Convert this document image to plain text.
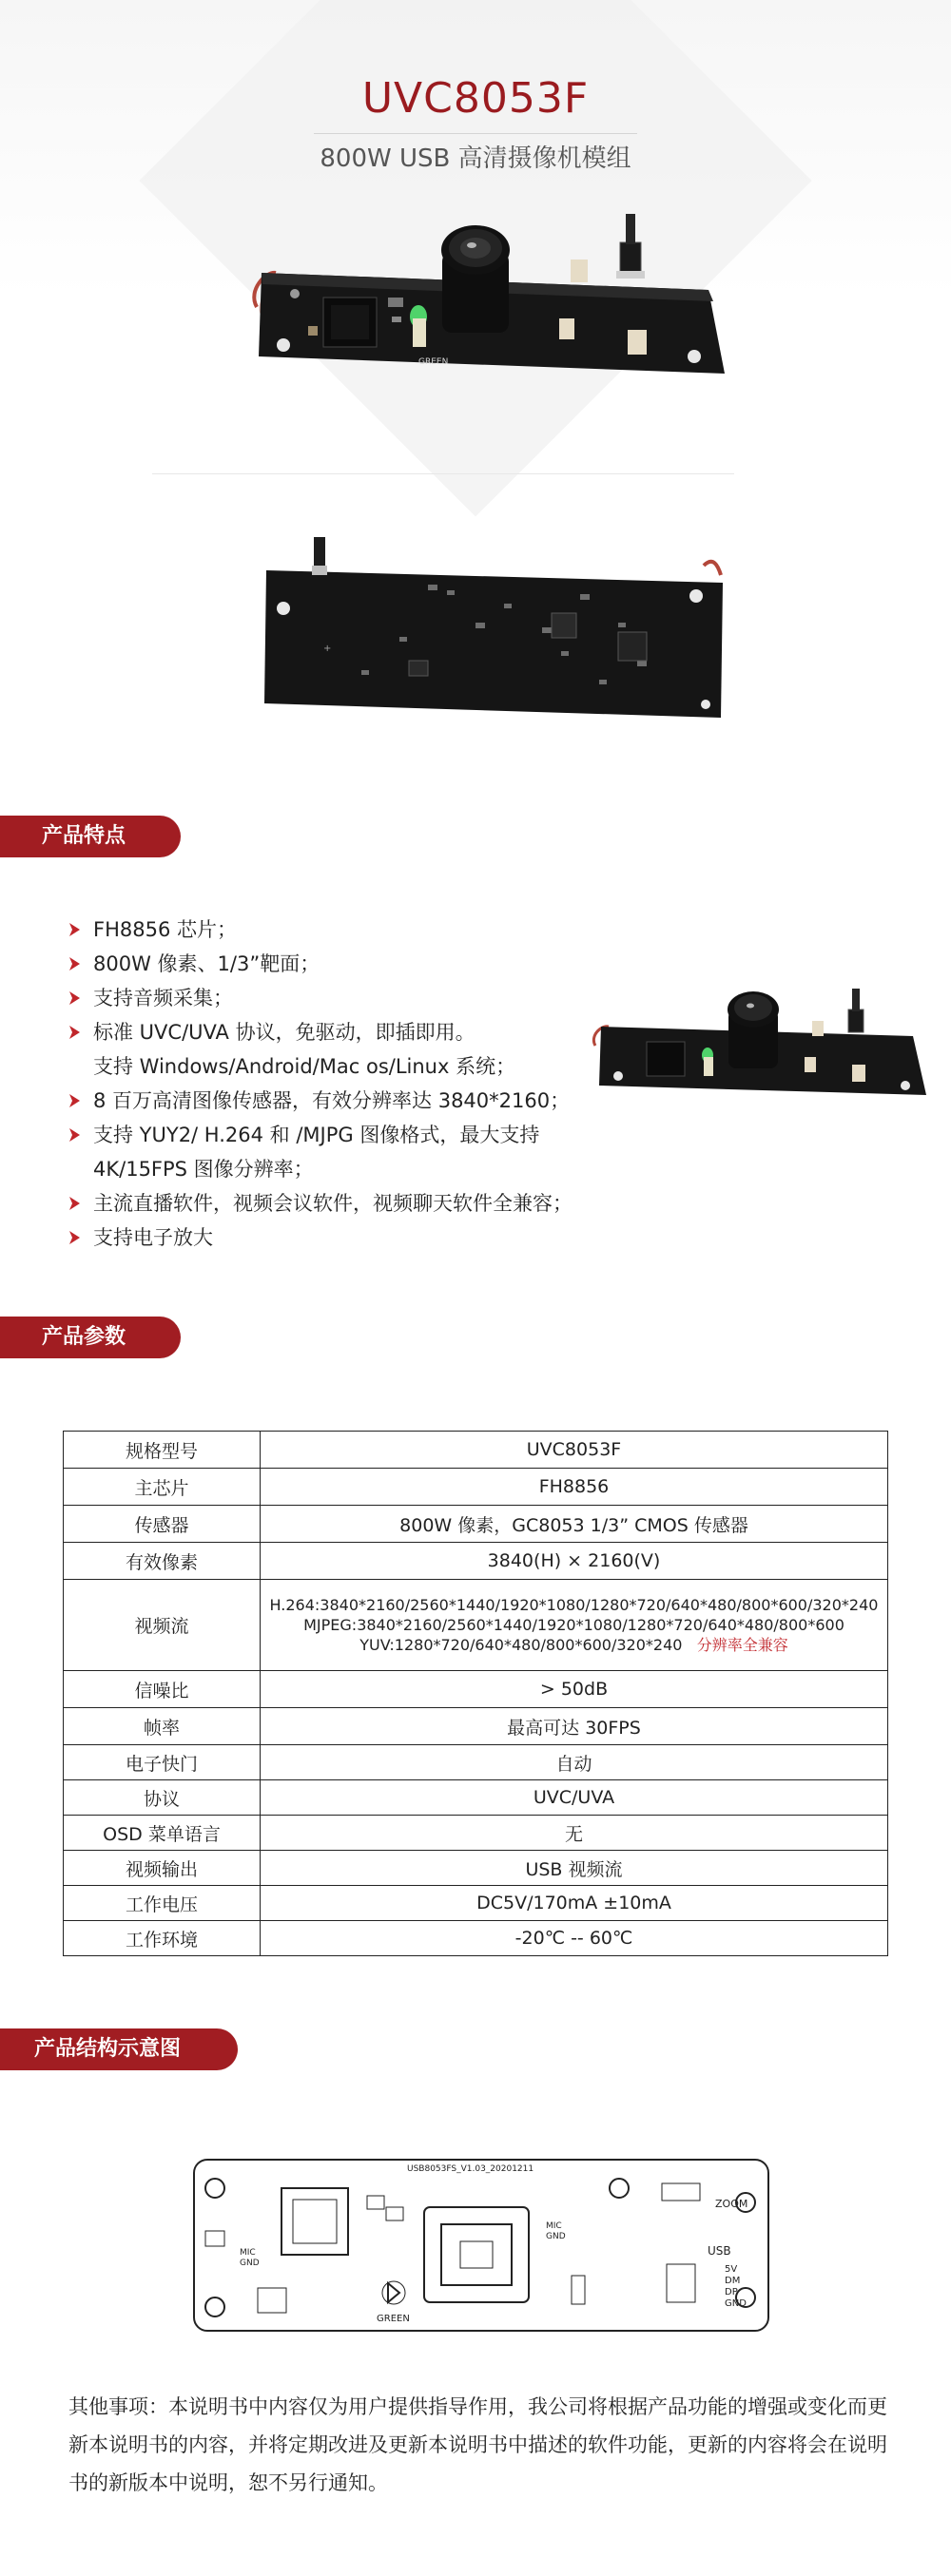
UVC8053F
800W USB 高清摄像机模组
GREEN
+
产品特点
FH8856 芯片；
800W 像素、1/3”靶面；
支持音频采集；
标准 UVC/UVA 协议，免驱动，即插即用。
支持 Windows/Android/Mac os/Linux 系统；
8 百万高清图像传感器，有效分辨率达 3840*2160；
支持 YUY2/ H.264 和 /MJPG 图像格式，最大支持
4K/15FPS 图像分辨率；
主流直播软件，视频会议软件，视频聊天软件全兼容；
支持电子放大
产品参数
规格型号	UVC8053F
主芯片	FH8856
传感器	800W 像素，GC8053 1/3” CMOS 传感器
有效像素	3840(H) × 2160(V)
视频流	H.264:3840*2160/2560*1440/1920*1080/1280*720/640*480/800*600/320*240
MJPEG:3840*2160/2560*1440/1920*1080/1280*720/640*480/800*600
YUV:1280*720/640*480/800*600/320*240 分辨率全兼容

信噪比	> 50dB
帧率	最高可达 30FPS
电子快门	自动
协议	UVC/UVA
OSD 菜单语言	无
视频输出	USB 视频流
工作电压	DC5V/170mA ±10mA
工作环境	-20℃ -- 60℃
产品结构示意图
USB8053FS_V1.03_20201211
ZOOM
USB
MIC
GND
MIC
GND
GREEN
5V
DM
DP
GND
其他事项：本说明书中内容仅为用户提供指导作用，我公司将根据产品功能的增强或变化而更新本说明书的内容，并将定期改进及更新本说明书中描述的软件功能，更新的内容将会在说明书的新版本中说明，恕不另行通知。
